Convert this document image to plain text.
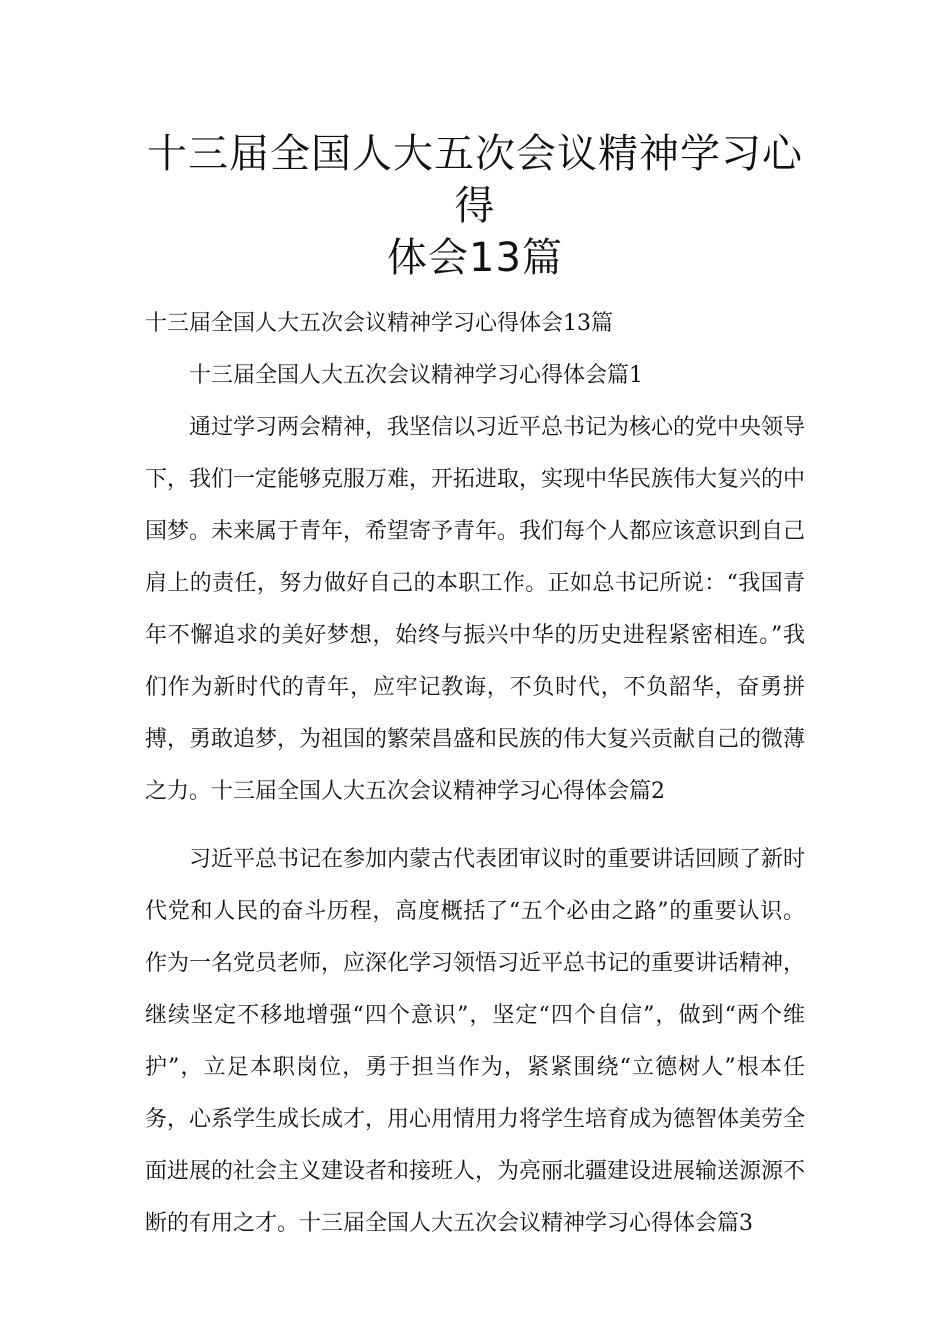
十三届全国人大五次会议精神学习心得
体会13篇

十三届全国人大五次会议精神学习心得体会13篇

十三届全国人大五次会议精神学习心得体会篇1

通过学习两会精神，我坚信以习近平总书记为核心的党中央领导下，我们一定能够克服万难，开拓进取，实现中华民族伟大复兴的中国梦。未来属于青年，希望寄予青年。我们每个人都应该意识到自己肩上的责任，努力做好自己的本职工作。正如总书记所说：“我国青年不懈追求的美好梦想，始终与振兴中华的历史进程紧密相连。”我们作为新时代的青年，应牢记教诲，不负时代，不负韶华，奋勇拼搏，勇敢追梦，为祖国的繁荣昌盛和民族的伟大复兴贡献自己的微薄之力。十三届全国人大五次会议精神学习心得体会篇2

习近平总书记在参加内蒙古代表团审议时的重要讲话回顾了新时代党和人民的奋斗历程，高度概括了“五个必由之路”的重要认识。作为一名党员老师，应深化学习领悟习近平总书记的重要讲话精神，继续坚定不移地增强“四个意识”，坚定“四个自信”，做到“两个维护”，立足本职岗位，勇于担当作为，紧紧围绕“立德树人”根本任务，心系学生成长成才，用心用情用力将学生培育成为德智体美劳全面进展的社会主义建设者和接班人，为亮丽北疆建设进展输送源源不断的有用之才。十三届全国人大五次会议精神学习心得体会篇3
